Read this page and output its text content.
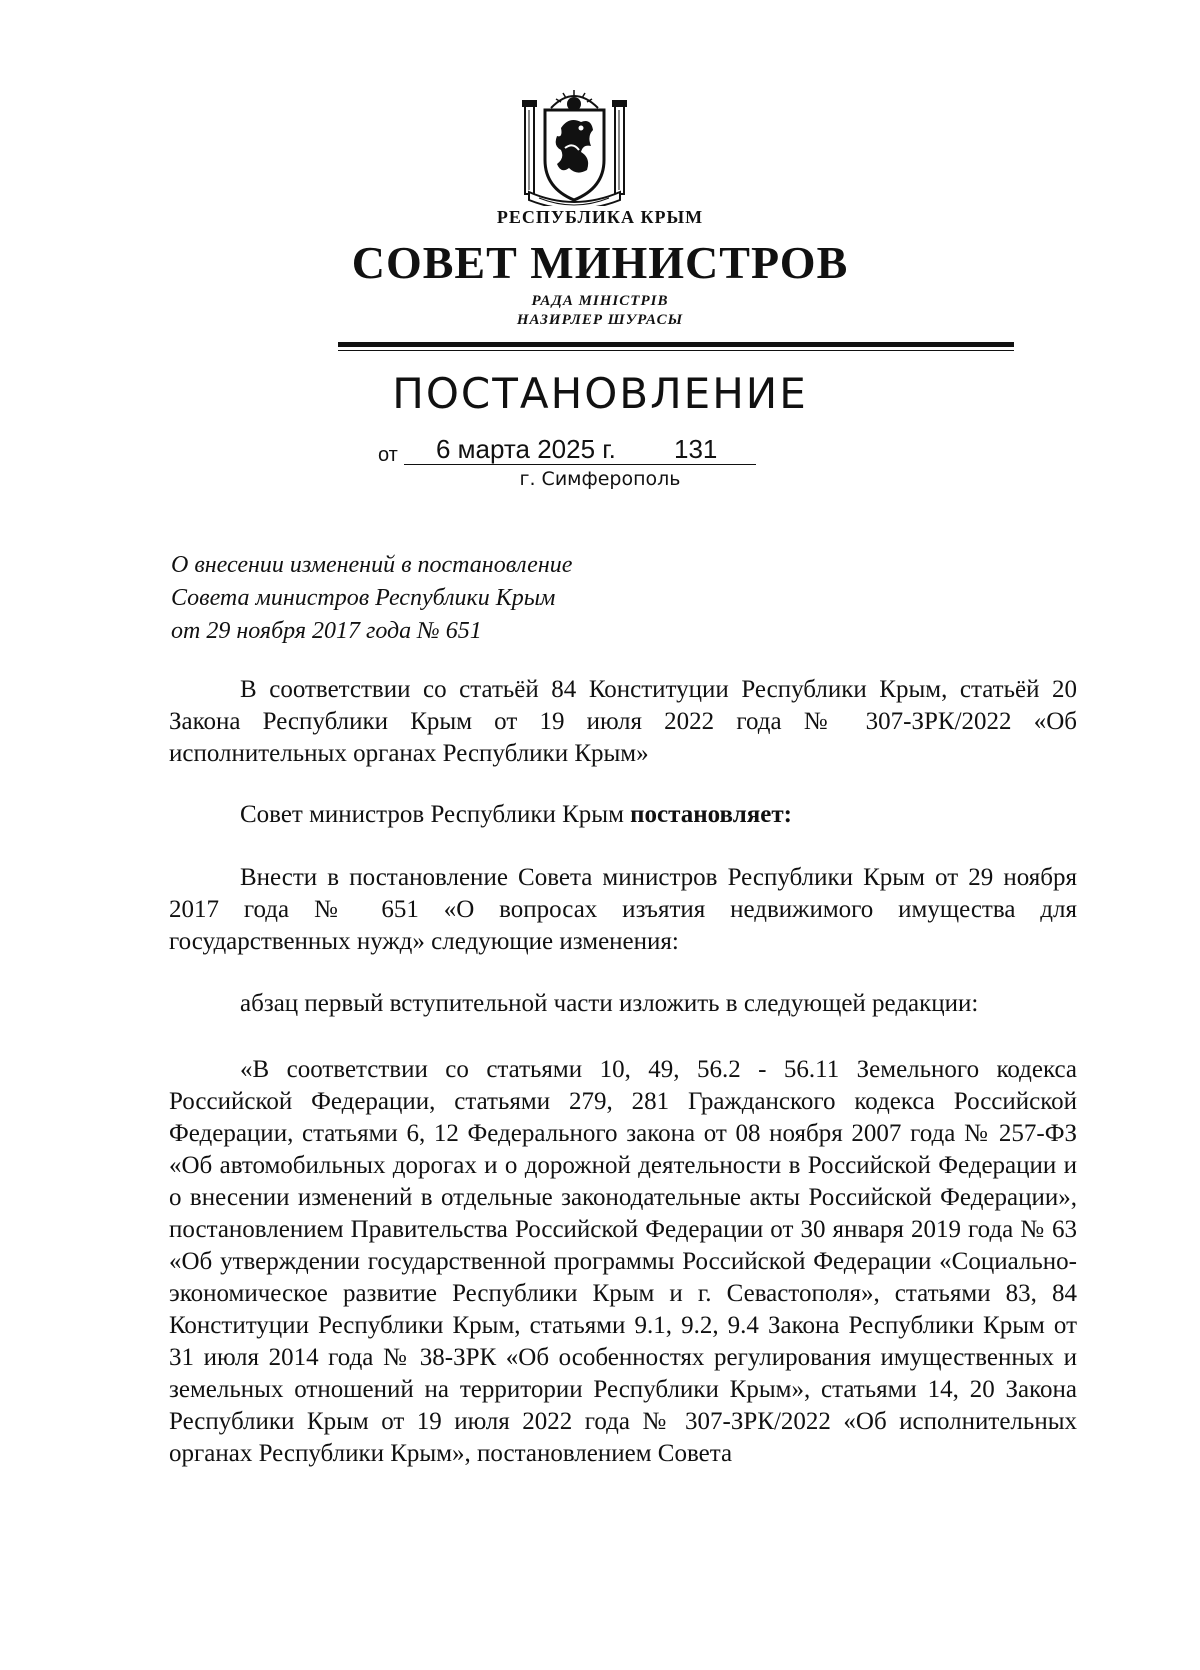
РЕСПУБЛИКА КРЫМ
СОВЕТ МИНИСТРОВ
РАДА МІНІСТРІВ
НАЗИРЛЕР ШУРАСЫ
ПОСТАНОВЛЕНИЕ
от 6 марта 2025 г. 131
г. Симферополь
О внесении изменений в постановление
Совета министров Республики Крым
от 29 ноября 2017 года № 651
В соответствии со статьёй 84 Конституции Республики Крым, статьёй 20 Закона Республики Крым от 19 июля 2022 года № 307-ЗРК/2022 «Об исполнительных органах Республики Крым»
Совет министров Республики Крым постановляет:
Внести в постановление Совета министров Республики Крым от 29 ноября 2017 года № 651 «О вопросах изъятия недвижимого имущества для государственных нужд» следующие изменения:
абзац первый вступительной части изложить в следующей редакции:
«В соответствии со статьями 10, 49, 56.2 - 56.11 Земельного кодекса Российской Федерации, статьями 279, 281 Гражданского кодекса Российской Федерации, статьями 6, 12 Федерального закона от 08 ноября 2007 года № 257-ФЗ «Об автомобильных дорогах и о дорожной деятельности в Российской Федерации и о внесении изменений в отдельные законодательные акты Российской Федерации», постановлением Правительства Российской Федерации от 30 января 2019 года № 63 «Об утверждении государственной программы Российской Федерации «Социально-экономическое развитие Республики Крым и г. Севастополя», статьями 83, 84 Конституции Республики Крым, статьями 9.1, 9.2, 9.4 Закона Республики Крым от 31 июля 2014 года № 38-ЗРК «Об особенностях регулирования имущественных и земельных отношений на территории Республики Крым», статьями 14, 20 Закона Республики Крым от 19 июля 2022 года № 307-ЗРК/2022 «Об исполнительных органах Республики Крым», постановлением Совета
